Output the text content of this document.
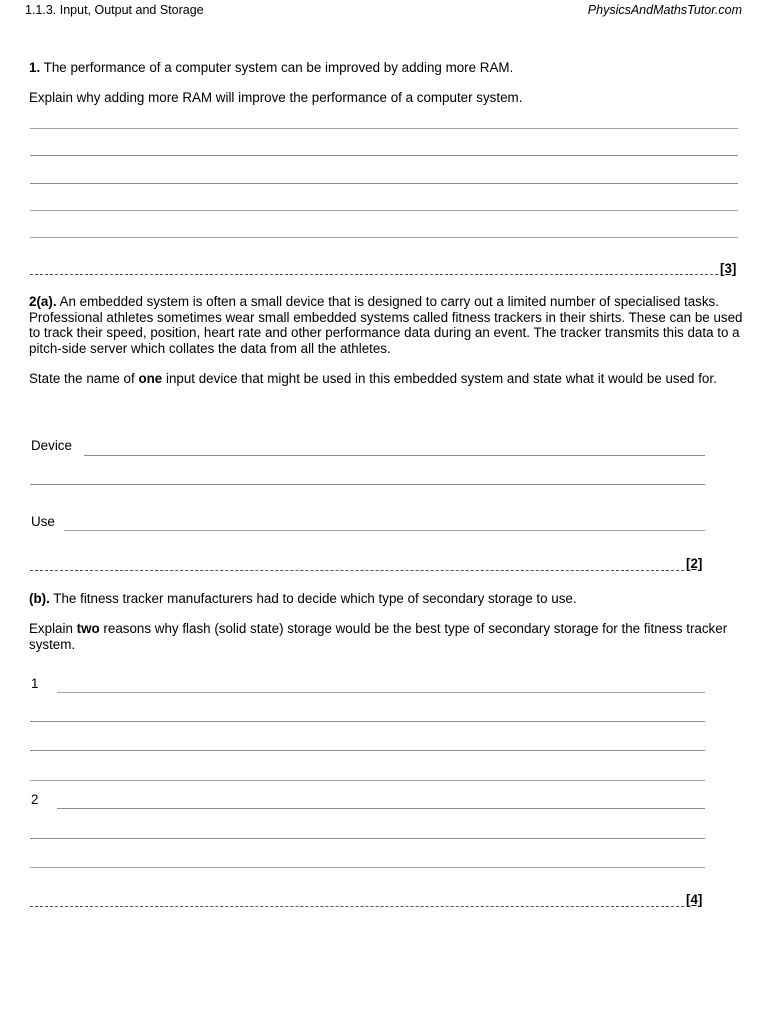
1.1.3. Input, Output and Storage	PhysicsAndMathsTutor.com
1. The performance of a computer system can be improved by adding more RAM.
Explain why adding more RAM will improve the performance of a computer system.
[3]
2(a). An embedded system is often a small device that is designed to carry out a limited number of specialised tasks. Professional athletes sometimes wear small embedded systems called fitness trackers in their shirts. These can be used to track their speed, position, heart rate and other performance data during an event. The tracker transmits this data to a pitch-side server which collates the data from all the athletes.
State the name of one input device that might be used in this embedded system and state what it would be used for.
Device
Use
[2]
(b). The fitness tracker manufacturers had to decide which type of secondary storage to use.
Explain two reasons why flash (solid state) storage would be the best type of secondary storage for the fitness tracker system.
1
2
[4]
